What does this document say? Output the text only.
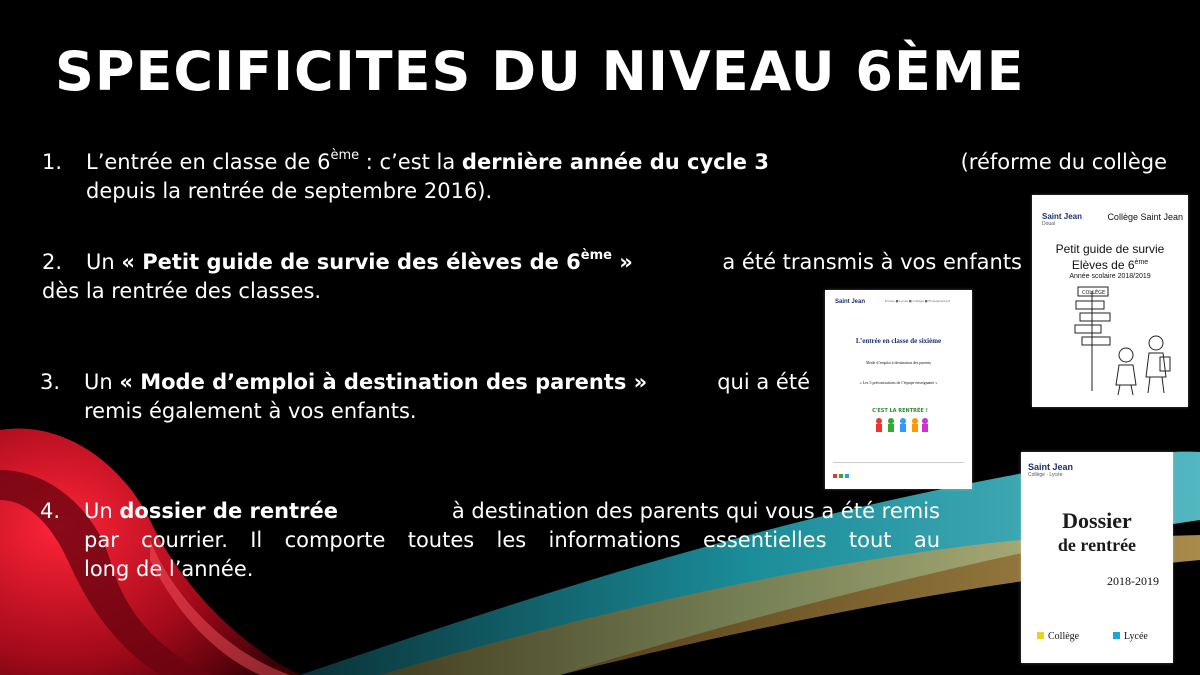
SPECIFICITES DU NIVEAU 6ÈME
1. L’entrée en classe de 6ème : c’est la dernière année du cycle 3	(réforme du collège
depuis la rentrée de septembre 2016).
2. Un « Petit guide de survie des élèves de 6ème »	a été transmis à vos enfants
dès la rentrée des classes.
3. Un « Mode d’emploi à destination des parents »	qui a été
remis également à vos enfants.
4. Un dossier de rentrée	à destination des parents qui vous a été remis
par courrier. Il comporte toutes les informations essentielles tout au
long de l’année.
Saint Jean
Douai
Collège Saint Jean
Petit guide de survie
Elèves de 6ème
Année scolaire 2018/2019
COLLÈGE
Saint Jean	Écoles ■ Lycée ■ Collège ■ Enseignement
L’entrée en classe de sixième
Mode d’emploi à destination des parents
« Les 5 préconisations de l’équipe enseignante »
C'EST LA RENTRÉE !
Saint Jean
Collège · Lycée
Dossier
de rentrée
2018-2019
Collège	Lycée
